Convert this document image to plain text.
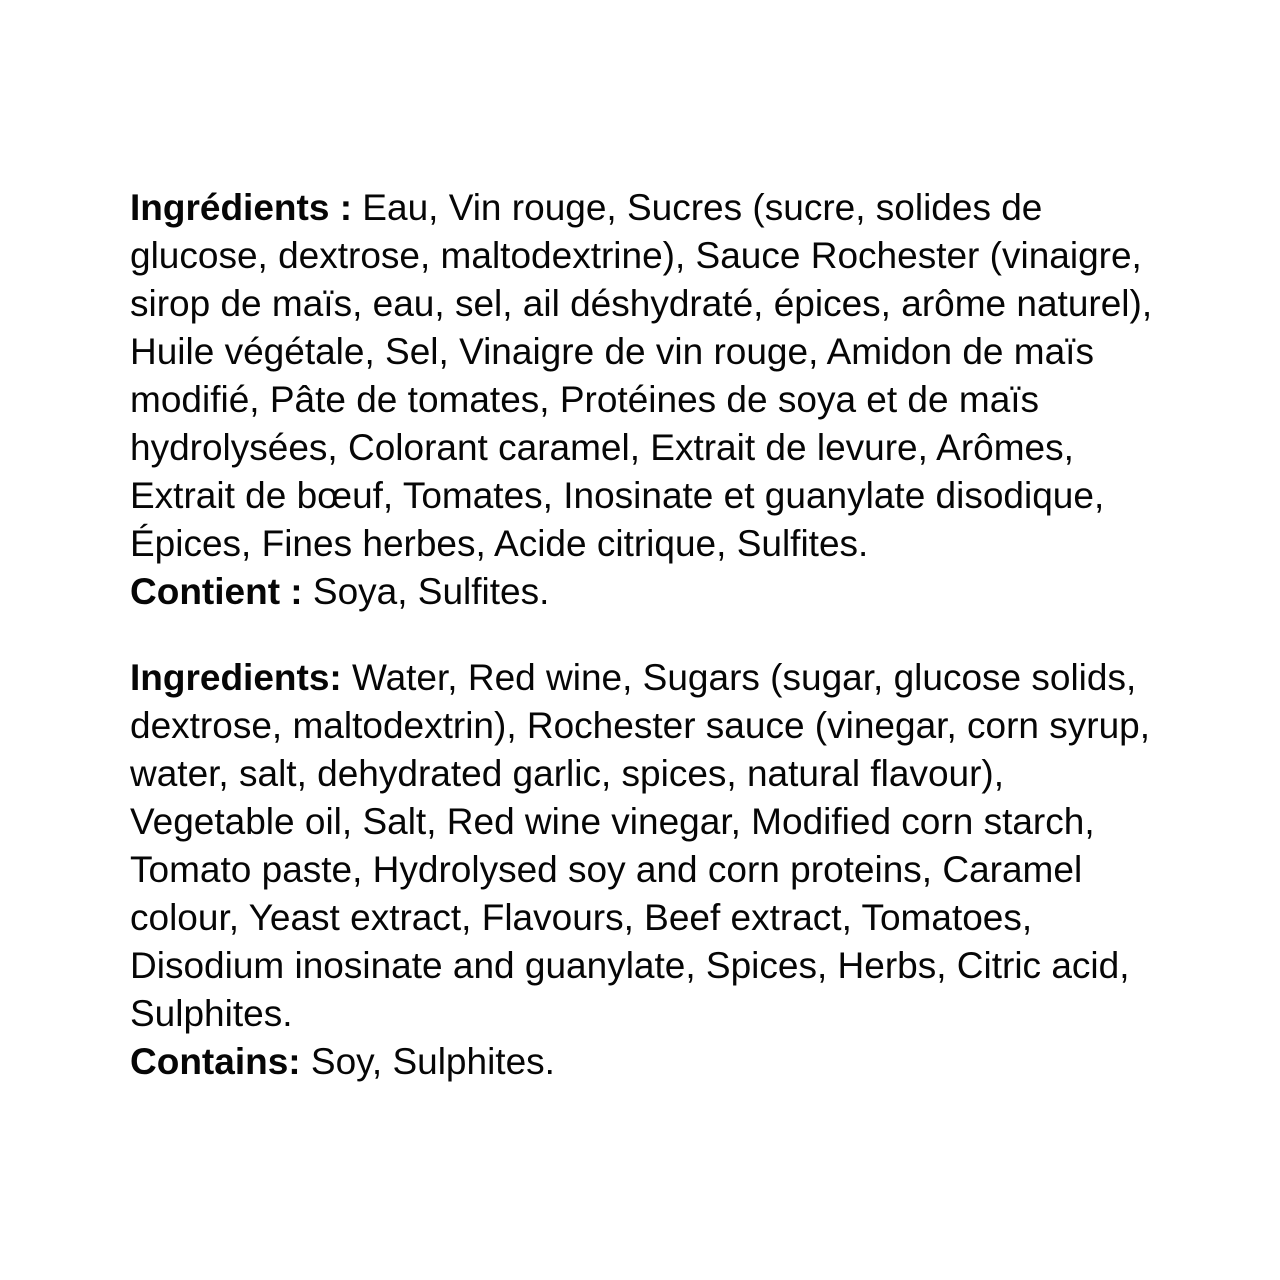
Ingrédients : Eau, Vin rouge, Sucres (sucre, solides de glucose, dextrose, maltodextrine), Sauce Rochester (vinaigre, sirop de maïs, eau, sel, ail déshydraté, épices, arôme naturel), Huile végétale, Sel, Vinaigre de vin rouge, Amidon de maïs modifié, Pâte de tomates, Protéines de soya et de maïs hydrolysées, Colorant caramel, Extrait de levure, Arômes, Extrait de bœuf, Tomates, Inosinate et guanylate disodique, Épices, Fines herbes, Acide citrique, Sulfites.

Contient : Soya, Sulfites.

Ingredients: Water, Red wine, Sugars (sugar, glucose solids, dextrose, maltodextrin), Rochester sauce (vinegar, corn syrup, water, salt, dehydrated garlic, spices, natural flavour), Vegetable oil, Salt, Red wine vinegar, Modified corn starch, Tomato paste, Hydrolysed soy and corn proteins, Caramel colour, Yeast extract, Flavours, Beef extract, Tomatoes, Disodium inosinate and guanylate, Spices, Herbs, Citric acid, Sulphites.

Contains: Soy, Sulphites.
